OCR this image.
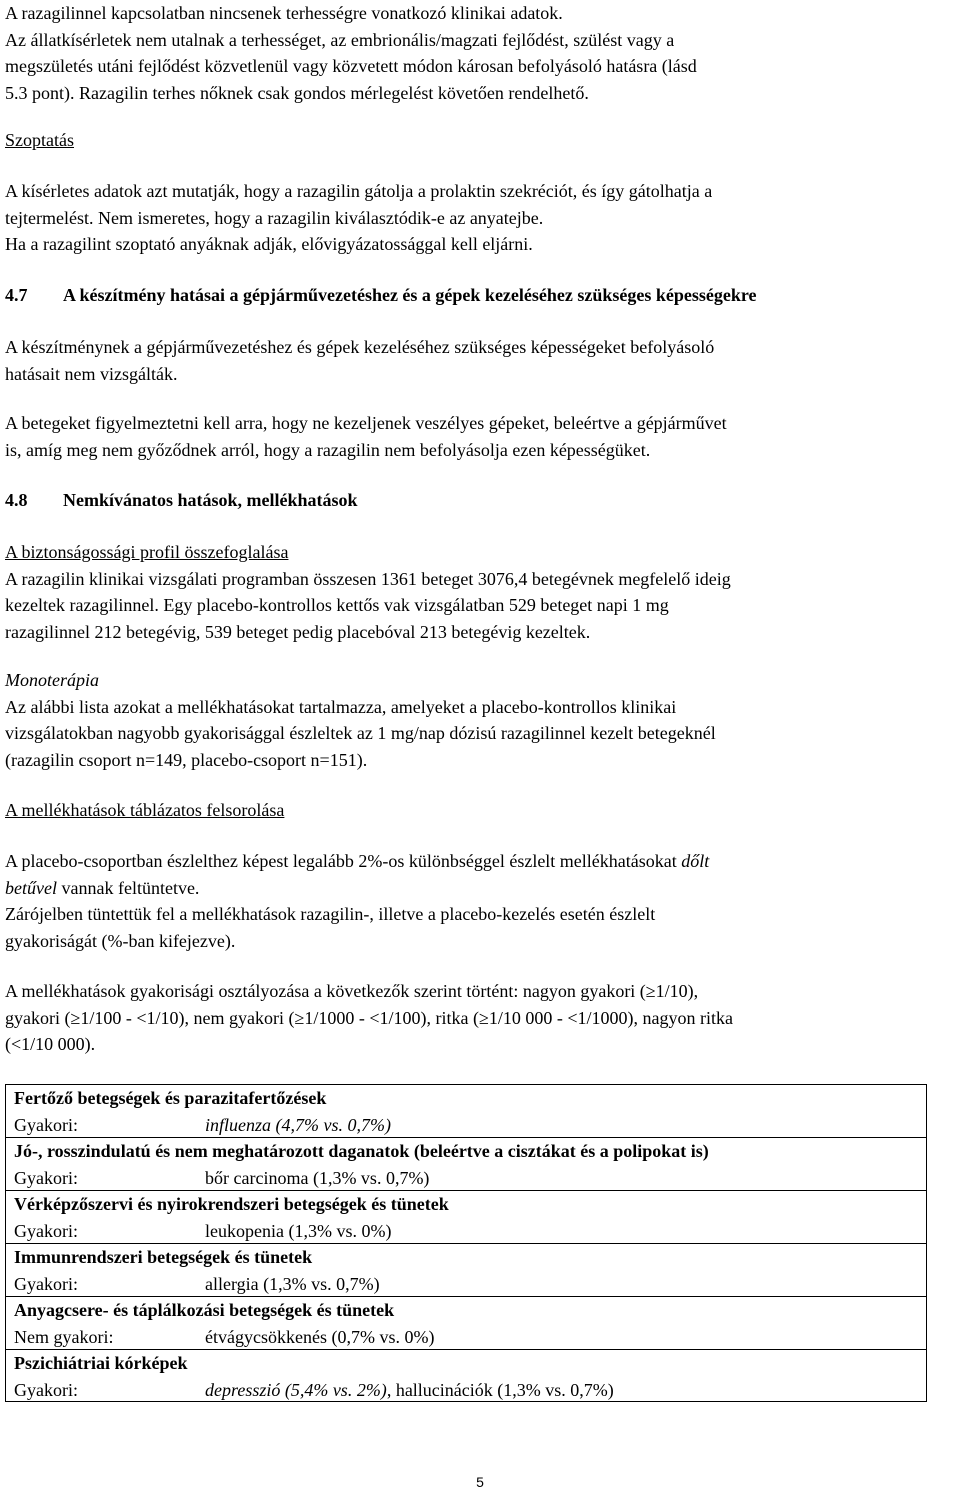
A razagilinnel kapcsolatban nincsenek terhességre vonatkozó klinikai adatok.
Az állatkísérletek nem utalnak a terhességet, az embrionális/magzati fejlődést, szülést vagy a
megszületés utáni fejlődést közvetlenül vagy közvetett módon károsan befolyásoló hatásra (lásd
5.3 pont). Razagilin terhes nőknek csak gondos mérlegelést követően rendelhető.

Szoptatás

A kísérletes adatok azt mutatják, hogy a razagilin gátolja a prolaktin szekréciót, és így gátolhatja a
tejtermelést. Nem ismeretes, hogy a razagilin kiválasztódik-e az anyatejbe.
Ha a razagilint szoptató anyáknak adják, elővigyázatossággal kell eljárni.

4.7 A készítmény hatásai a gépjárművezetéshez és a gépek kezeléséhez szükséges képességekre

A készítménynek a gépjárművezetéshez és gépek kezeléséhez szükséges képességeket befolyásoló
hatásait nem vizsgálták.

A betegeket figyelmeztetni kell arra, hogy ne kezeljenek veszélyes gépeket, beleértve a gépjárművet
is, amíg meg nem győződnek arról, hogy a razagilin nem befolyásolja ezen képességüket.

4.8 Nemkívánatos hatások, mellékhatások

A biztonságossági profil összefoglalása
A razagilin klinikai vizsgálati programban összesen 1361 beteget 3076,4 betegévnek megfelelő ideig
kezeltek razagilinnel. Egy placebo-kontrollos kettős vak vizsgálatban 529 beteget napi 1 mg
razagilinnel 212 betegévig, 539 beteget pedig placebóval 213 betegévig kezeltek.

Monoterápia
Az alábbi lista azokat a mellékhatásokat tartalmazza, amelyeket a placebo-kontrollos klinikai
vizsgálatokban nagyobb gyakorisággal észleltek az 1 mg/nap dózisú razagilinnel kezelt betegeknél
(razagilin csoport n=149, placebo-csoport n=151).

A mellékhatások táblázatos felsorolása

A placebo-csoportban észlelthez képest legalább 2%-os különbséggel észlelt mellékhatásokat dőlt
betűvel vannak feltüntetve.
Zárójelben tüntettük fel a mellékhatások razagilin-, illetve a placebo-kezelés esetén észlelt
gyakoriságát (%-ban kifejezve).

A mellékhatások gyakorisági osztályozása a következők szerint történt: nagyon gyakori (≥1/10),
gyakori (≥1/100 - <1/10), nem gyakori (≥1/1000 - <1/100), ritka (≥1/10 000 - <1/1000), nagyon ritka
(<1/10 000).

Fertőző betegségek és parazitafertőzések
Gyakori:	influenza (4,7% vs. 0,7%)
Jó-, rosszindulatú és nem meghatározott daganatok (beleértve a cisztákat és a polipokat is)
Gyakori:	bőr carcinoma (1,3% vs. 0,7%)
Vérképzőszervi és nyirokrendszeri betegségek és tünetek
Gyakori:	leukopenia (1,3% vs. 0%)
Immunrendszeri betegségek és tünetek
Gyakori:	allergia (1,3% vs. 0,7%)
Anyagcsere- és táplálkozási betegségek és tünetek
Nem gyakori:	étvágycsökkenés (0,7% vs. 0%)
Pszichiátriai kórképek
Gyakori:	depresszió (5,4% vs. 2%), hallucinációk (1,3% vs. 0,7%)
5
